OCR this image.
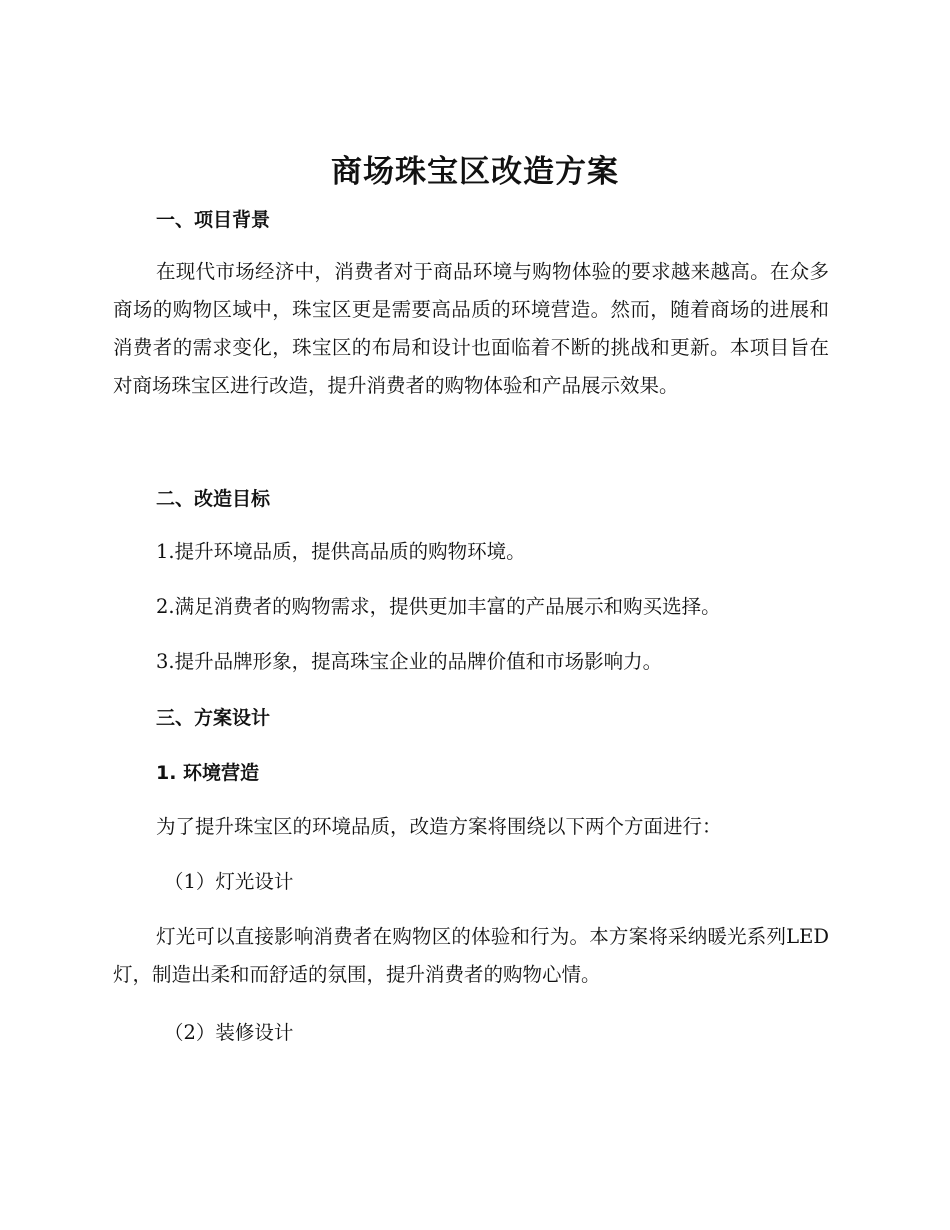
商场珠宝区改造方案
一、项目背景

在现代市场经济中，消费者对于商品环境与购物体验的要求越来越高。在众多商场的购物区域中，珠宝区更是需要高品质的环境营造。然而，随着商场的进展和消费者的需求变化，珠宝区的布局和设计也面临着不断的挑战和更新。本项目旨在对商场珠宝区进行改造，提升消费者的购物体验和产品展示效果。

二、改造目标

1.提升环境品质，提供高品质的购物环境。

2.满足消费者的购物需求，提供更加丰富的产品展示和购买选择。

3.提升品牌形象，提高珠宝企业的品牌价值和市场影响力。

三、方案设计
1. 环境营造

为了提升珠宝区的环境品质，改造方案将围绕以下两个方面进行：

（1）灯光设计

灯光可以直接影响消费者在购物区的体验和行为。本方案将采纳暖光系列LED灯，制造出柔和而舒适的氛围，提升消费者的购物心情。

（2）装修设计
